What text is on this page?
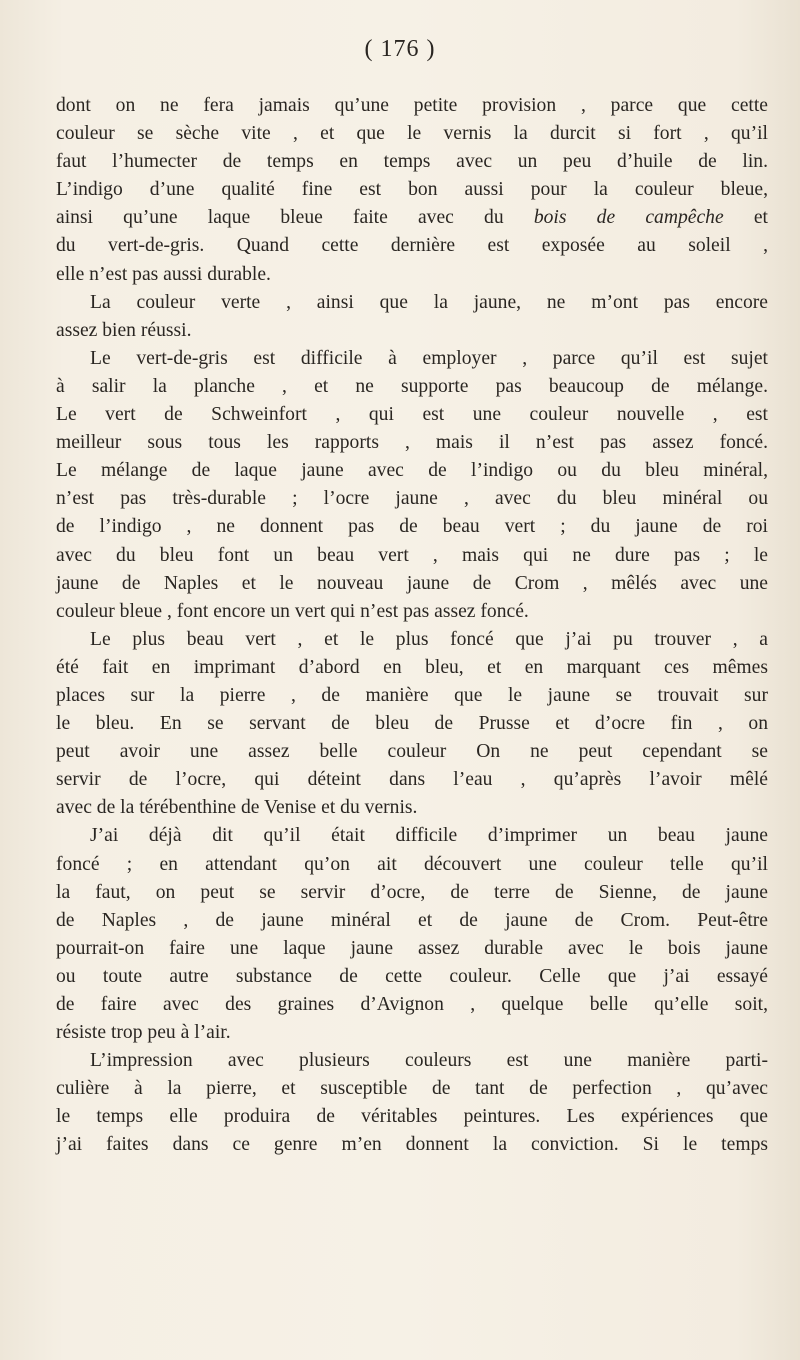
( 176 )
dont on ne fera jamais qu’une petite provision , parce que cette
couleur se sèche vite , et que le vernis la durcit si fort , qu’il
faut l’humecter de temps en temps avec un peu d’huile de lin.
L’indigo d’une qualité fine est bon aussi pour la couleur bleue,
ainsi qu’une laque bleue faite avec du bois de campêche et
du vert-de-gris. Quand cette dernière est exposée au soleil ,
elle n’est pas aussi durable.
La couleur verte , ainsi que la jaune, ne m’ont pas encore
assez bien réussi.
Le vert-de-gris est difficile à employer , parce qu’il est sujet
à salir la planche , et ne supporte pas beaucoup de mélange.
Le vert de Schweinfort , qui est une couleur nouvelle , est
meilleur sous tous les rapports , mais il n’est pas assez foncé.
Le mélange de laque jaune avec de l’indigo ou du bleu minéral,
n’est pas très-durable ; l’ocre jaune , avec du bleu minéral ou
de l’indigo , ne donnent pas de beau vert ; du jaune de roi
avec du bleu font un beau vert , mais qui ne dure pas ; le
jaune de Naples et le nouveau jaune de Crom , mêlés avec une
couleur bleue , font encore un vert qui n’est pas assez foncé.
Le plus beau vert , et le plus foncé que j’ai pu trouver , a
été fait en imprimant d’abord en bleu, et en marquant ces mêmes
places sur la pierre , de manière que le jaune se trouvait sur
le bleu. En se servant de bleu de Prusse et d’ocre fin , on
peut avoir une assez belle couleur On ne peut cependant se
servir de l’ocre, qui déteint dans l’eau , qu’après l’avoir mêlé
avec de la térébenthine de Venise et du vernis.
J’ai déjà dit qu’il était difficile d’imprimer un beau jaune
foncé ; en attendant qu’on ait découvert une couleur telle qu’il
la faut, on peut se servir d’ocre, de terre de Sienne, de jaune
de Naples , de jaune minéral et de jaune de Crom. Peut-être
pourrait-on faire une laque jaune assez durable avec le bois jaune
ou toute autre substance de cette couleur. Celle que j’ai essayé
de faire avec des graines d’Avignon , quelque belle qu’elle soit,
résiste trop peu à l’air.
L’impression avec plusieurs couleurs est une manière parti-
culière à la pierre, et susceptible de tant de perfection , qu’avec
le temps elle produira de véritables peintures. Les expériences que
j’ai faites dans ce genre m’en donnent la conviction. Si le temps
